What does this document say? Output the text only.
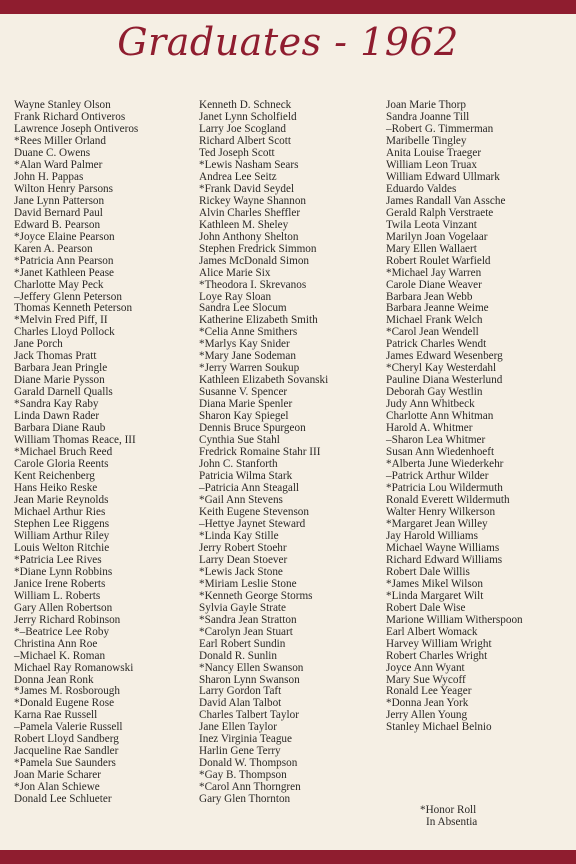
Graduates - 1962
Wayne Stanley Olson
Frank Richard Ontiveros
Lawrence Joseph Ontiveros
*Rees Miller Orland
Duane C. Owens
*Alan Ward Palmer
John H. Pappas
Wilton Henry Parsons
Jane Lynn Patterson
David Bernard Paul
Edward B. Pearson
*Joyce Elaine Pearson
Karen A. Pearson
*Patricia Ann Pearson
*Janet Kathleen Pease
Charlotte May Peck
–Jeffery Glenn Peterson
Thomas Kenneth Peterson
*Melvin Fred Piff, II
Charles Lloyd Pollock
Jane Porch
Jack Thomas Pratt
Barbara Jean Pringle
Diane Marie Pysson
Garald Darnell Qualls
*Sandra Kay Raby
Linda Dawn Rader
Barbara Diane Raub
William Thomas Reace, III
*Michael Bruch Reed
Carole Gloria Reents
Kent Reichenberg
Hans Heiko Reske
Jean Marie Reynolds
Michael Arthur Ries
Stephen Lee Riggens
William Arthur Riley
Louis Welton Ritchie
*Patricia Lee Rives
*Diane Lynn Robbins
Janice Irene Roberts
William L. Roberts
Gary Allen Robertson
Jerry Richard Robinson
*–Beatrice Lee Roby
Christina Ann Roe
–Michael K. Roman
Michael Ray Romanowski
Donna Jean Ronk
*James M. Rosborough
*Donald Eugene Rose
Karna Rae Russell
–Pamela Valerie Russell
Robert Lloyd Sandberg
Jacqueline Rae Sandler
*Pamela Sue Saunders
Joan Marie Scharer
*Jon Alan Schiewe
Donald Lee Schlueter
Kenneth D. Schneck
Janet Lynn Scholfield
Larry Joe Scogland
Richard Albert Scott
Ted Joseph Scott
*Lewis Nasham Sears
Andrea Lee Seitz
*Frank David Seydel
Rickey Wayne Shannon
Alvin Charles Sheffler
Kathleen M. Sheley
John Anthony Shelton
Stephen Fredrick Simmon
James McDonald Simon
Alice Marie Six
*Theodora I. Skrevanos
Loye Ray Sloan
Sandra Lee Slocum
Katherine Elizabeth Smith
*Celia Anne Smithers
*Marlys Kay Snider
*Mary Jane Sodeman
*Jerry Warren Soukup
Kathleen Elizabeth Sovanski
Susanne V. Spencer
Diana Marie Spenler
Sharon Kay Spiegel
Dennis Bruce Spurgeon
Cynthia Sue Stahl
Fredrick Romaine Stahr III
John C. Stanforth
Patricia Wilma Stark
–Patricia Ann Steagall
*Gail Ann Stevens
Keith Eugene Stevenson
–Hettye Jaynet Steward
*Linda Kay Stille
Jerry Robert Stoehr
Larry Dean Stoever
*Lewis Jack Stone
*Miriam Leslie Stone
*Kenneth George Storms
Sylvia Gayle Strate
*Sandra Jean Stratton
*Carolyn Jean Stuart
Earl Robert Sundin
Donald R. Sunlin
*Nancy Ellen Swanson
Sharon Lynn Swanson
Larry Gordon Taft
David Alan Talbot
Charles Talbert Taylor
Jane Ellen Taylor
Inez Virginia Teague
Harlin Gene Terry
Donald W. Thompson
*Gay B. Thompson
*Carol Ann Thorngren
Gary Glen Thornton
Joan Marie Thorp
Sandra Joanne Till
–Robert G. Timmerman
Maribelle Tingley
Anita Louise Traeger
William Leon Truax
William Edward Ullmark
Eduardo Valdes
James Randall Van Assche
Gerald Ralph Verstraete
Twila Leota Vinzant
Marilyn Joan Vogelaar
Mary Ellen Wallaert
Robert Roulet Warfield
*Michael Jay Warren
Carole Diane Weaver
Barbara Jean Webb
Barbara Jeanne Weime
Michael Frank Welch
*Carol Jean Wendell
Patrick Charles Wendt
James Edward Wesenberg
*Cheryl Kay Westerdahl
Pauline Diana Westerlund
Deborah Gay Westlin
Judy Ann Whitbeck
Charlotte Ann Whitman
Harold A. Whitmer
–Sharon Lea Whitmer
Susan Ann Wiedenhoeft
*Alberta June Wiederkehr
–Patrick Arthur Wilder
*Patricia Lou Wildermuth
Ronald Everett Wildermuth
Walter Henry Wilkerson
*Margaret Jean Willey
Jay Harold Williams
Michael Wayne Williams
Richard Edward Williams
Robert Dale Willis
*James Mikel Wilson
*Linda Margaret Wilt
Robert Dale Wise
Marione William Witherspoon
Earl Albert Womack
Harvey William Wright
Robert Charles Wright
Joyce Ann Wyant
Mary Sue Wycoff
Ronald Lee Yeager
*Donna Jean York
Jerry Allen Young
Stanley Michael Belnio
*Honor Roll
In Absentia
